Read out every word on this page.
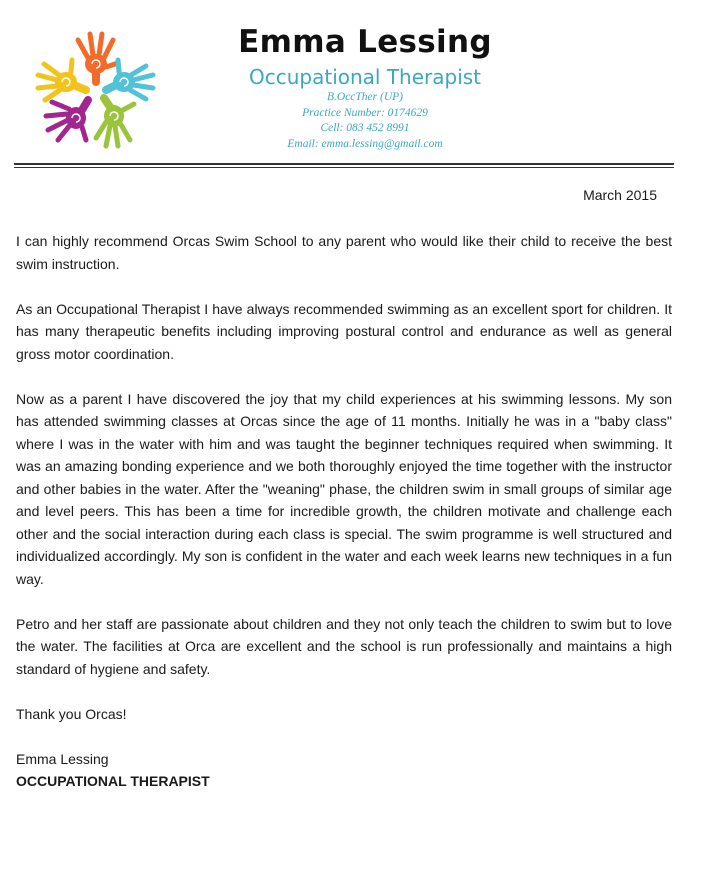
Emma Lessing
Occupational Therapist
B.OccTher (UP)
Practice Number: 0174629
Cell: 083 452 8991
Email: emma.lessing@gmail.com
March 2015

I can highly recommend Orcas Swim School to any parent who would like their child to receive the best swim instruction.

As an Occupational Therapist I have always recommended swimming as an excellent sport for children. It has many therapeutic benefits including improving postural control and endurance as well as general gross motor coordination.

Now as a parent I have discovered the joy that my child experiences at his swimming lessons. My son has attended swimming classes at Orcas since the age of 11 months. Initially he was in a "baby class" where I was in the water with him and was taught the beginner techniques required when swimming. It was an amazing bonding experience and we both thoroughly enjoyed the time together with the instructor and other babies in the water. After the "weaning" phase, the children swim in small groups of similar age and level peers. This has been a time for incredible growth, the children motivate and challenge each other and the social interaction during each class is special. The swim programme is well structured and individualized accordingly. My son is confident in the water and each week learns new techniques in a fun way.

Petro and her staff are passionate about children and they not only teach the children to swim but to love the water. The facilities at Orca are excellent and the school is run professionally and maintains a high standard of hygiene and safety.

Thank you Orcas!

Emma Lessing

OCCUPATIONAL THERAPIST
